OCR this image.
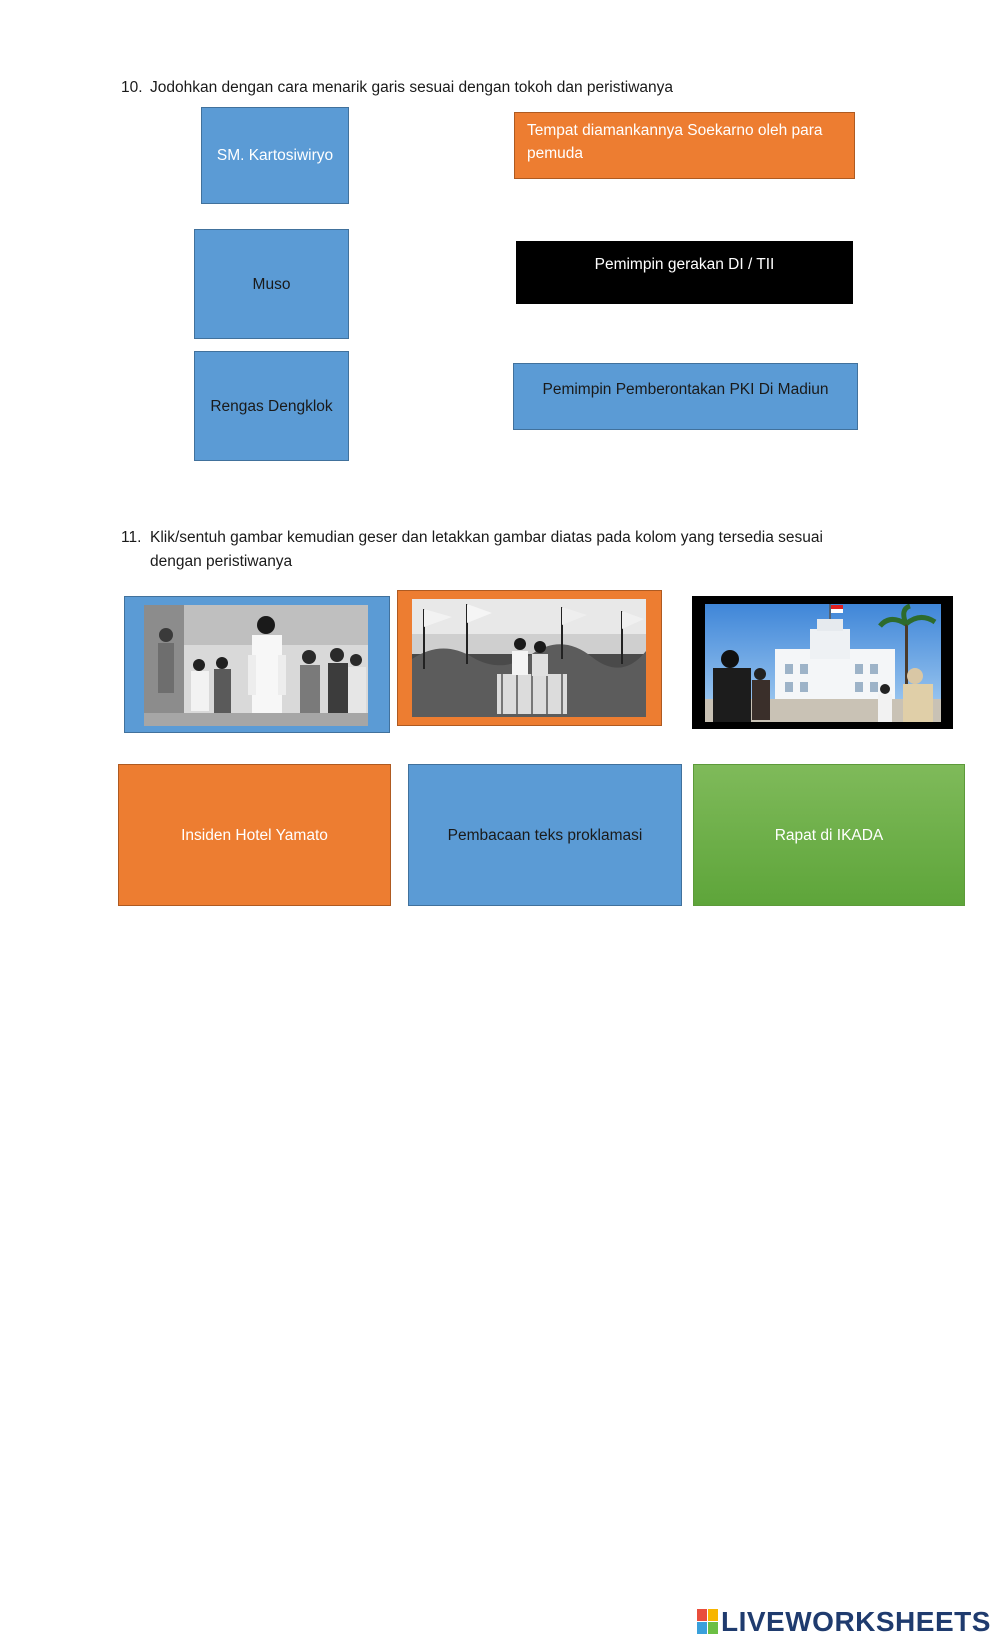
10. Jodohkan dengan cara menarik garis sesuai dengan tokoh dan peristiwanya
SM. Kartosiwiryo
Muso
Rengas Dengklok
Tempat diamankannya Soekarno oleh para pemuda
Pemimpin gerakan DI / TII
Pemimpin Pemberontakan PKI Di Madiun
11. Klik/sentuh gambar kemudian geser dan letakkan gambar diatas pada kolom yang tersedia sesuai
dengan peristiwanya
Insiden Hotel Yamato	Pembacaan teks proklamasi	Rapat di IKADA
LIVEWORKSHEETS
